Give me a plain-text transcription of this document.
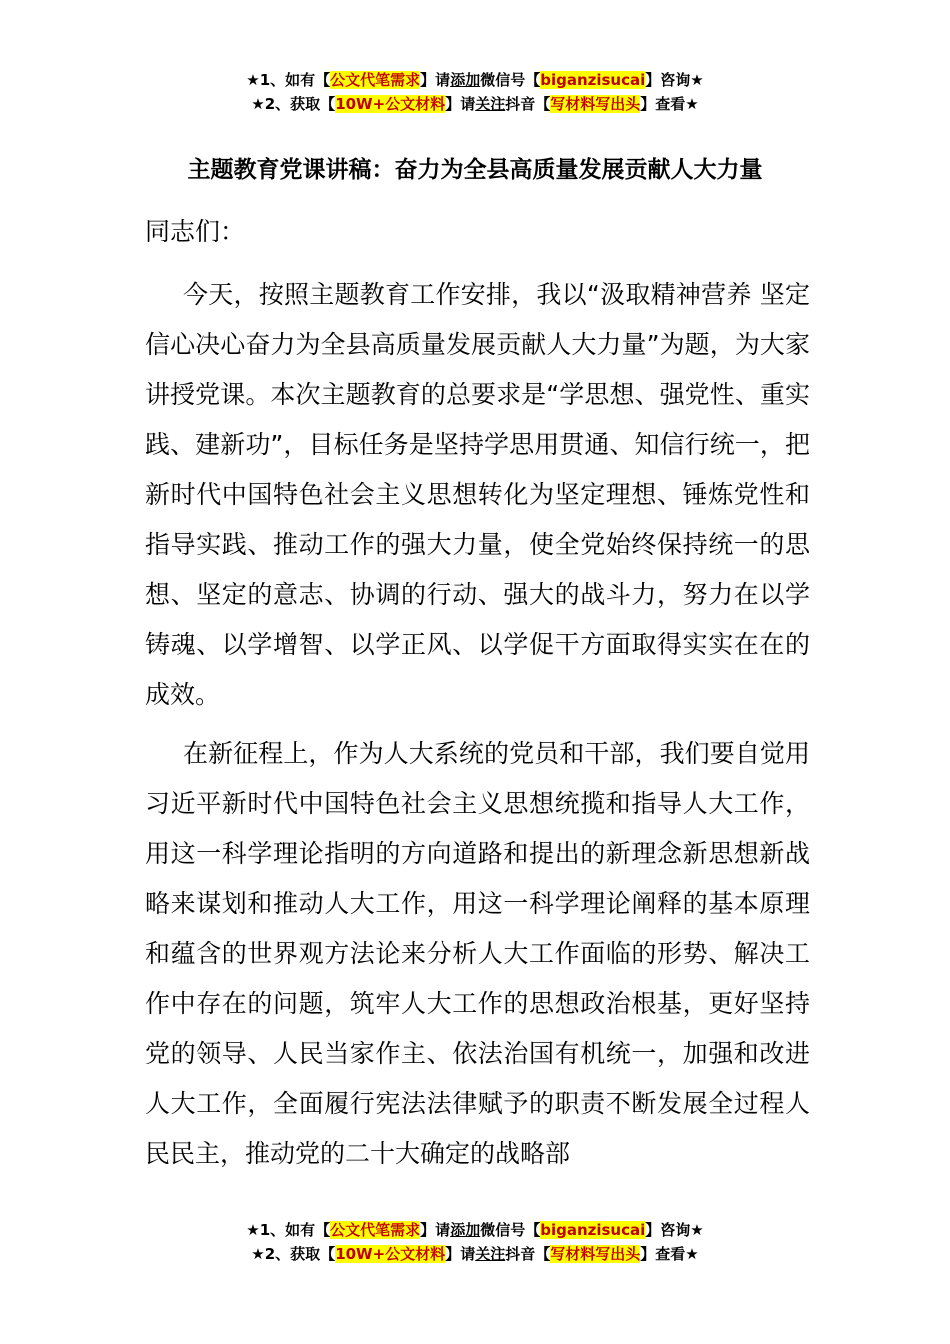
★1、如有【公文代笔需求】请添加微信号【biganzisucai】咨询★
★2、获取【10W+公文材料】请关注抖音【写材料写出头】查看★
主题教育党课讲稿：奋力为全县高质量发展贡献人大力量
同志们：
今天，按照主题教育工作安排，我以“汲取精神营养 坚定信心决心奋力为全县高质量发展贡献人大力量”为题，为大家讲授党课。本次主题教育的总要求是“学思想、强党性、重实践、建新功”，目标任务是坚持学思用贯通、知信行统一，把新时代中国特色社会主义思想转化为坚定理想、锤炼党性和指导实践、推动工作的强大力量，使全党始终保持统一的思想、坚定的意志、协调的行动、强大的战斗力，努力在以学铸魂、以学增智、以学正风、以学促干方面取得实实在在的成效。
在新征程上，作为人大系统的党员和干部，我们要自觉用习近平新时代中国特色社会主义思想统揽和指导人大工作，用这一科学理论指明的方向道路和提出的新理念新思想新战略来谋划和推动人大工作，用这一科学理论阐释的基本原理和蕴含的世界观方法论来分析人大工作面临的形势、解决工作中存在的问题，筑牢人大工作的思想政治根基，更好坚持党的领导、人民当家作主、依法治国有机统一，加强和改进人大工作，全面履行宪法法律赋予的职责不断发展全过程人民民主，推动党的二十大确定的战略部
★1、如有【公文代笔需求】请添加微信号【biganzisucai】咨询★
★2、获取【10W+公文材料】请关注抖音【写材料写出头】查看★
